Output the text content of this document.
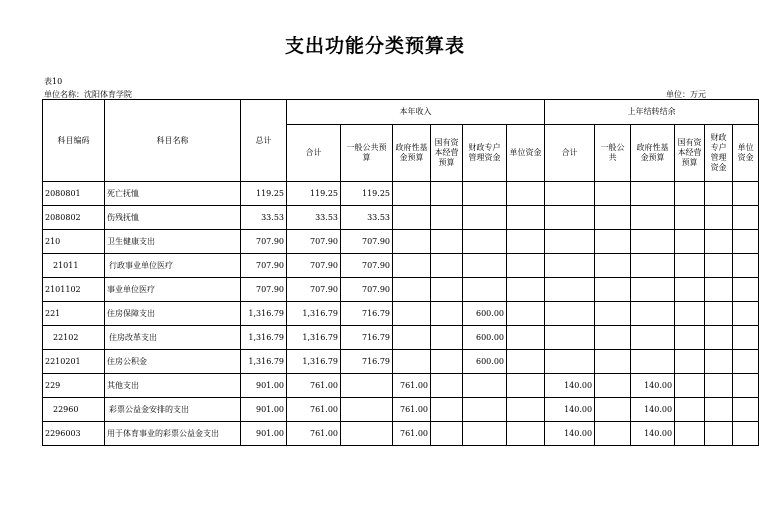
支出功能分类预算表
表10
单位名称：沈阳体育学院	单位：万元
科目编码	科目名称	总计	本年收入						上年结转结余					
			合计	一般公共预算	政府性基金预算	国有资本经营预算	财政专户管理资金	单位资金	合计	一般公共	政府性基金预算	国有资本经营预算	财政专户管理资金	单位资金
2080801	死亡抚恤	119.25	119.25	119.25										
2080802	伤残抚恤	33.53	33.53	33.53										
210	卫生健康支出	707.90	707.90	707.90										
21011	行政事业单位医疗	707.90	707.90	707.90										
2101102	事业单位医疗	707.90	707.90	707.90										
221	住房保障支出	1,316.79	1,316.79	716.79			600.00							
22102	住房改革支出	1,316.79	1,316.79	716.79			600.00							
2210201	住房公积金	1,316.79	1,316.79	716.79			600.00							
229	其他支出	901.00	761.00		761.00				140.00		140.00			
22960	彩票公益金安排的支出	901.00	761.00		761.00				140.00		140.00			
2296003	用于体育事业的彩票公益金支出	901.00	761.00		761.00				140.00		140.00			
